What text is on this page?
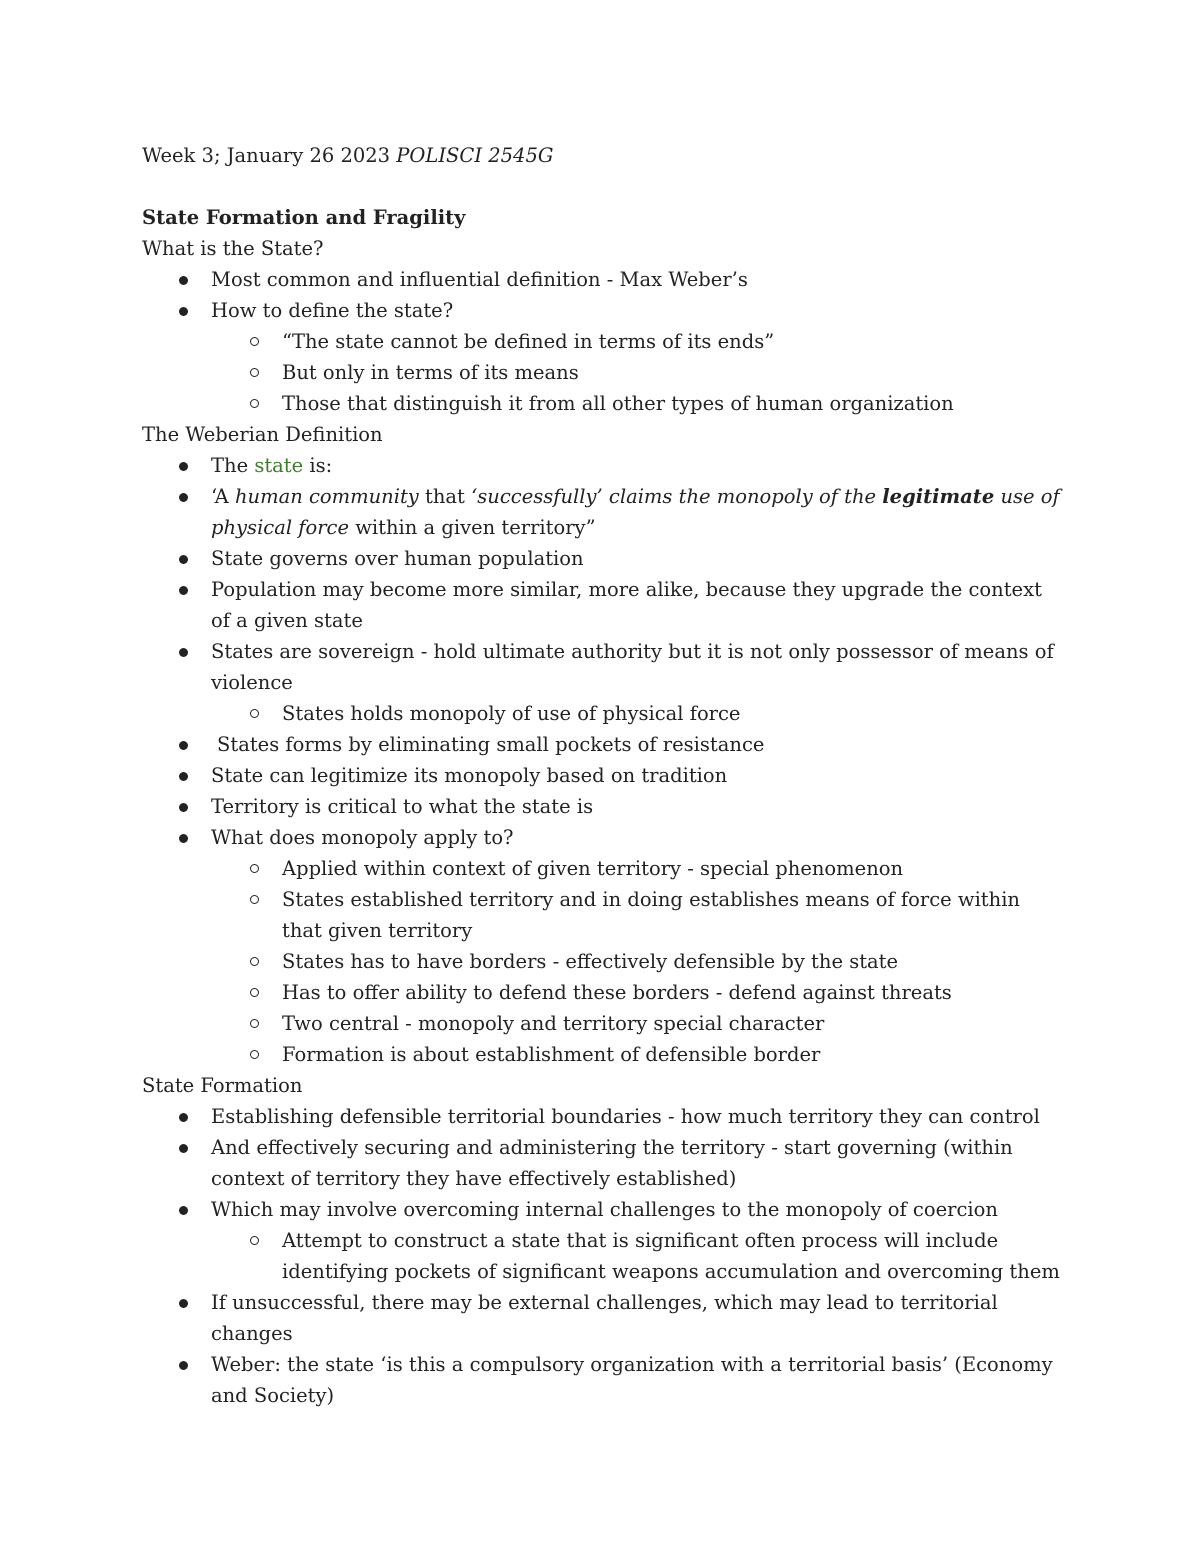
Week 3; January 26 2023 POLISCI 2545G

State Formation and Fragility

What is the State?

Most common and influential definition - Max Weber’s
How to define the state?
“The state cannot be defined in terms of its ends”
But only in terms of its means
Those that distinguish it from all other types of human organization

The Weberian Definition

The state is:
‘A human community that ‘successfully’ claims the monopoly of the legitimate use of physical force within a given territory”
State governs over human population
Population may become more similar, more alike, because they upgrade the context of a given state
States are sovereign - hold ultimate authority but it is not only possessor of means of violence
States holds monopoly of use of physical force
States forms by eliminating small pockets of resistance
State can legitimize its monopoly based on tradition
Territory is critical to what the state is
What does monopoly apply to?
Applied within context of given territory - special phenomenon
States established territory and in doing establishes means of force within that given territory
States has to have borders - effectively defensible by the state
Has to offer ability to defend these borders - defend against threats
Two central - monopoly and territory special character
Formation is about establishment of defensible border

State Formation

Establishing defensible territorial boundaries - how much territory they can control
And effectively securing and administering the territory - start governing (within context of territory they have effectively established)
Which may involve overcoming internal challenges to the monopoly of coercion
Attempt to construct a state that is significant often process will include identifying pockets of significant weapons accumulation and overcoming them
If unsuccessful, there may be external challenges, which may lead to territorial changes
Weber: the state ‘is this a compulsory organization with a territorial basis’ (Economy and Society)
